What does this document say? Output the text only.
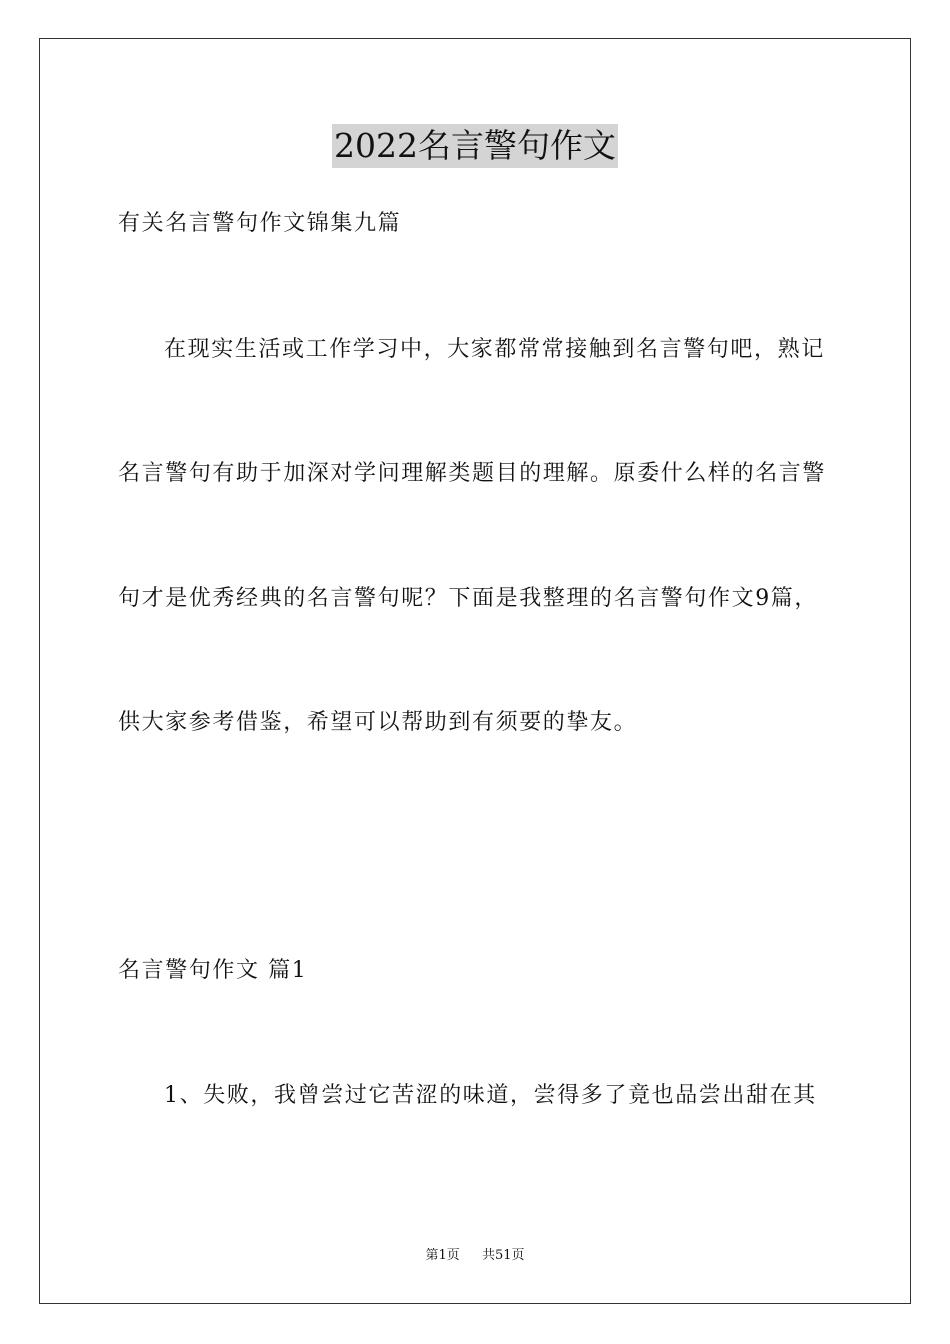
2022名言警句作文
有关名言警句作文锦集九篇
在现实生活或工作学习中，大家都常常接触到名言警句吧，熟记
名言警句有助于加深对学问理解类题目的理解。原委什么样的名言警
句才是优秀经典的名言警句呢？下面是我整理的名言警句作文9篇，
供大家参考借鉴，希望可以帮助到有须要的挚友。
名言警句作文 篇1
1、失败，我曾尝过它苦涩的味道，尝得多了竟也品尝出甜在其
第1页 共51页
